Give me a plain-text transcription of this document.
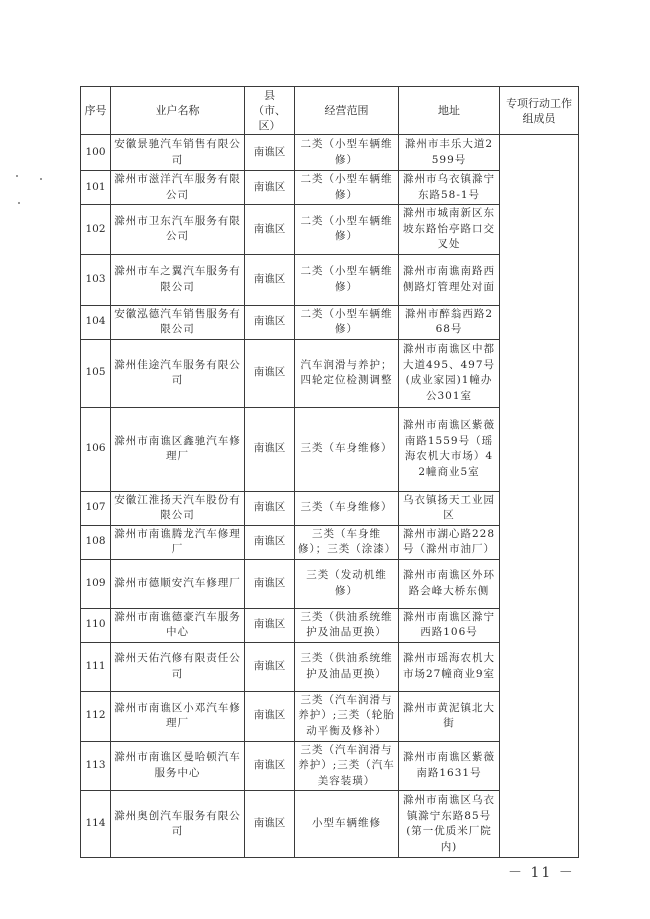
序号	业户名称	县（市、区）	经营范围	地址	专项行动工作组成员
100	安徽景驰汽车销售有限公司	南谯区	二类（小型车辆维修）	滁州市丰乐大道2599号	
101	滁州市滋洋汽车服务有限公司	南谯区	二类（小型车辆维修）	滁州市乌衣镇滁宁东路58-1号	
102	滁州市卫东汽车服务有限公司	南谯区	二类（小型车辆维修）	滁州市城南新区东坡东路怡亭路口交叉处	
103	滁州市车之翼汽车服务有限公司	南谯区	二类（小型车辆维修）	滁州市南谯南路西侧路灯管理处对面	
104	安徽泓德汽车销售服务有限公司	南谯区	二类（小型车辆维修）	滁州市醉翁西路268号	
105	滁州佳途汽车服务有限公司	南谯区	汽车润滑与养护；四轮定位检测调整	滁州市南谯区中都大道495、497号(成业家园)1幢办公301室	
106	滁州市南谯区鑫驰汽车修理厂	南谯区	三类（车身维修）	滁州市南谯区紫薇南路1559号（瑶海农机大市场）42幢商业5室	
107	安徽江淮扬天汽车股份有限公司	南谯区	三类（车身维修）	乌衣镇扬天工业园区	
108	滁州市南谯腾龙汽车修理厂	南谯区	三类（车身维修）；三类（涂漆）	滁州市湖心路228号（滁州市油厂）	
109	滁州市德顺安汽车修理厂	南谯区	三类（发动机维修）	滁州市南谯区外环路会峰大桥东侧	
110	滁州市南谯德豪汽车服务中心	南谯区	三类（供油系统维护及油品更换）	滁州市南谯区滁宁西路106号	
111	滁州天佑汽修有限责任公司	南谯区	三类（供油系统维护及油品更换）	滁州市瑶海农机大市场27幢商业9室	
112	滁州市南谯区小邓汽车修理厂	南谯区	三类（汽车润滑与养护）;三类（轮胎动平衡及修补）	滁州市黄泥镇北大街	
113	滁州市南谯区曼哈顿汽车服务中心	南谯区	三类（汽车润滑与养护）;三类（汽车美容装璜）	滁州市南谯区紫薇南路1631号	
114	滁州奥创汽车服务有限公司	南谯区	小型车辆维修	滁州市南谯区乌衣镇滁宁东路85号(第一优质米厂院内)	
－ 11 －
